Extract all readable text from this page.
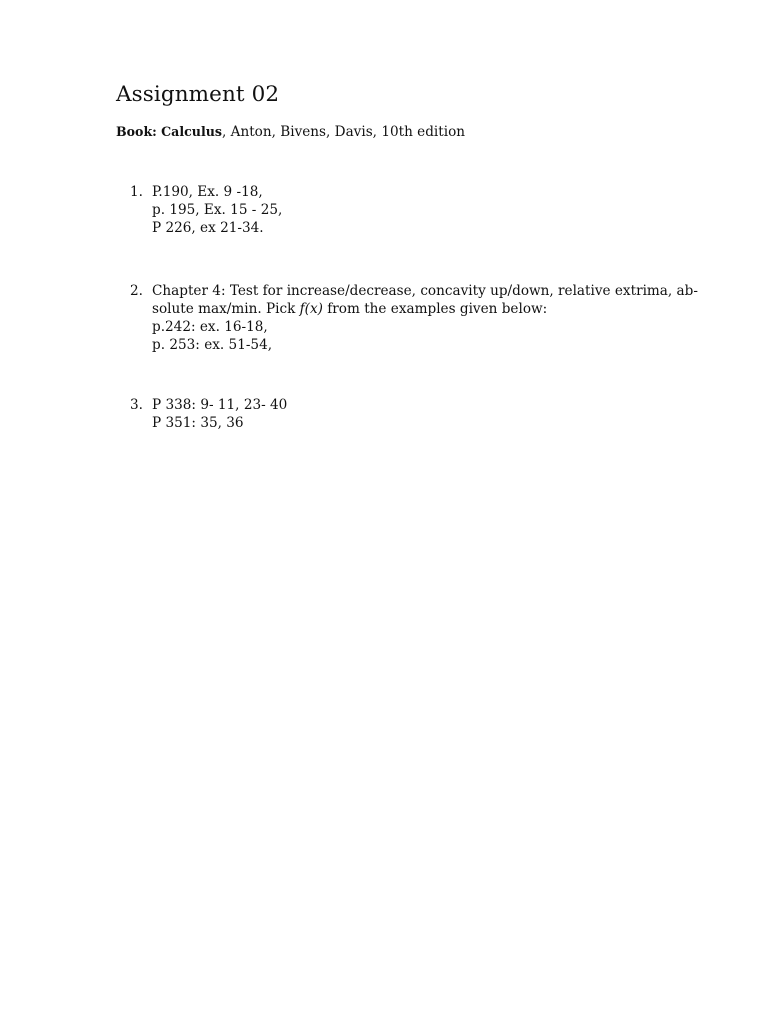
Assignment 02
Book: Calculus, Anton, Bivens, Davis, 10th edition
1. P.190, Ex. 9 -18,
p. 195, Ex. 15 - 25,
P 226, ex 21-34.
2. Chapter 4: Test for increase/decrease, concavity up/down, relative extrima, ab-
solute max/min. Pick f(x) from the examples given below:
p.242: ex. 16-18,
p. 253: ex. 51-54,
3. P 338: 9- 11, 23- 40
P 351: 35, 36
